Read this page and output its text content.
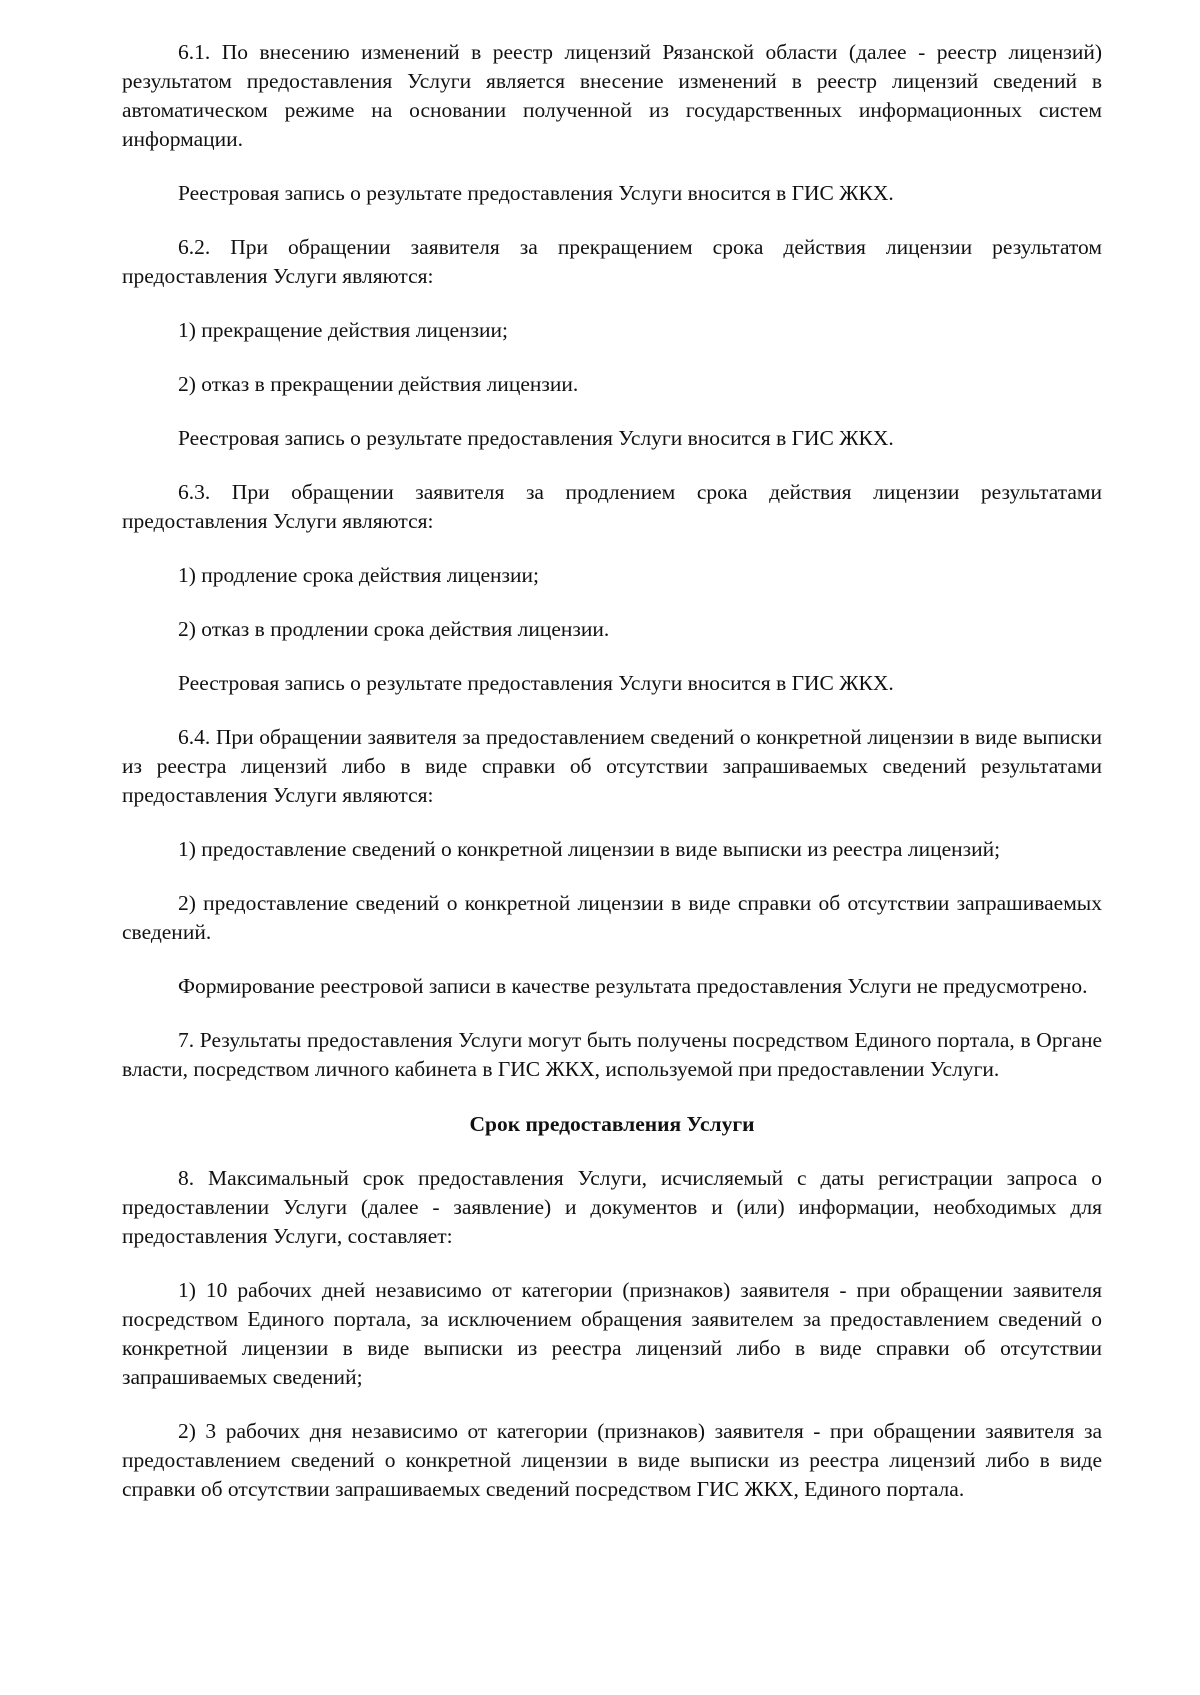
6.1. По внесению изменений в реестр лицензий Рязанской области (далее - реестр лицензий) результатом предоставления Услуги является внесение изменений в реестр лицензий сведений в автоматическом режиме на основании полученной из государственных информационных систем информации.

Реестровая запись о результате предоставления Услуги вносится в ГИС ЖКХ.

6.2. При обращении заявителя за прекращением срока действия лицензии результатом предоставления Услуги являются:

1) прекращение действия лицензии;

2) отказ в прекращении действия лицензии.

Реестровая запись о результате предоставления Услуги вносится в ГИС ЖКХ.

6.3. При обращении заявителя за продлением срока действия лицензии результатами предоставления Услуги являются:

1) продление срока действия лицензии;

2) отказ в продлении срока действия лицензии.

Реестровая запись о результате предоставления Услуги вносится в ГИС ЖКХ.

6.4. При обращении заявителя за предоставлением сведений о конкретной лицензии в виде выписки из реестра лицензий либо в виде справки об отсутствии запрашиваемых сведений результатами предоставления Услуги являются:

1) предоставление сведений о конкретной лицензии в виде выписки из реестра лицензий;

2) предоставление сведений о конкретной лицензии в виде справки об отсутствии запрашиваемых сведений.

Формирование реестровой записи в качестве результата предоставления Услуги не предусмотрено.

7. Результаты предоставления Услуги могут быть получены посредством Единого портала, в Органе власти, посредством личного кабинета в ГИС ЖКХ, используемой при предоставлении Услуги.

Срок предоставления Услуги

8. Максимальный срок предоставления Услуги, исчисляемый с даты регистрации запроса о предоставлении Услуги (далее - заявление) и документов и (или) информации, необходимых для предоставления Услуги, составляет:

1) 10 рабочих дней независимо от категории (признаков) заявителя - при обращении заявителя посредством Единого портала, за исключением обращения заявителем за предоставлением сведений о конкретной лицензии в виде выписки из реестра лицензий либо в виде справки об отсутствии запрашиваемых сведений;

2) 3 рабочих дня независимо от категории (признаков) заявителя - при обращении заявителя за предоставлением сведений о конкретной лицензии в виде выписки из реестра лицензий либо в виде справки об отсутствии запрашиваемых сведений посредством ГИС ЖКХ, Единого портала.
